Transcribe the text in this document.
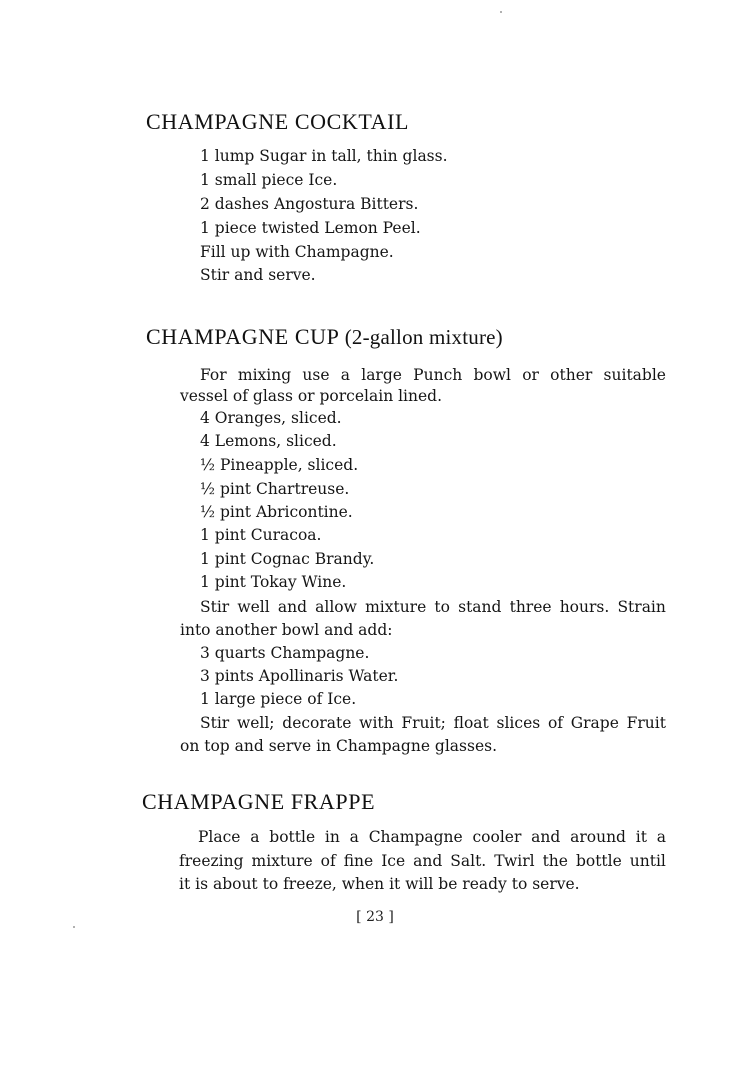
CHAMPAGNE COCKTAIL
1 lump Sugar in tall, thin glass.
1 small piece Ice.
2 dashes Angostura Bitters.
1 piece twisted Lemon Peel.
Fill up with Champagne.
Stir and serve.
CHAMPAGNE CUP (2-gallon mixture)
For mixing use a large Punch bowl or other suitable
vessel of glass or porcelain lined.
4 Oranges, sliced.
4 Lemons, sliced.
½ Pineapple, sliced.
½ pint Chartreuse.
½ pint Abricontine.
1 pint Curacoa.
1 pint Cognac Brandy.
1 pint Tokay Wine.
Stir well and allow mixture to stand three hours. Strain
into another bowl and add:
3 quarts Champagne.
3 pints Apollinaris Water.
1 large piece of Ice.
Stir well; decorate with Fruit; float slices of Grape Fruit
on top and serve in Champagne glasses.
CHAMPAGNE FRAPPE
Place a bottle in a Champagne cooler and around it a
freezing mixture of fine Ice and Salt. Twirl the bottle until
it is about to freeze, when it will be ready to serve.
[ 23 ]
